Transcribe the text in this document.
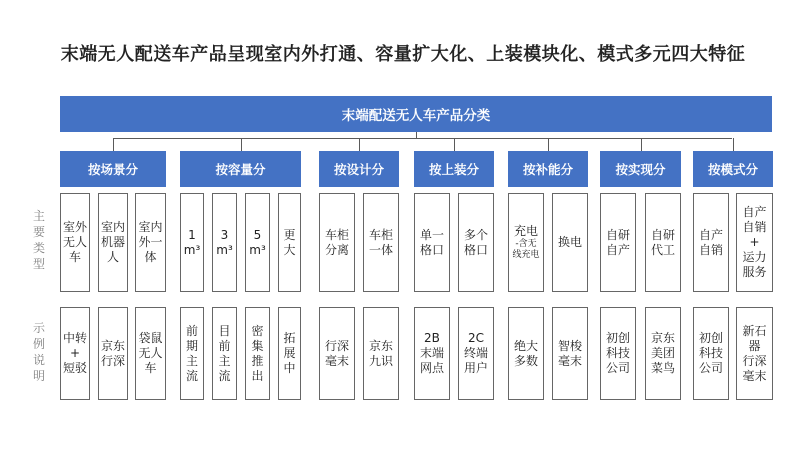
末端无人配送车产品呈现室内外打通、容量扩大化、上装模块化、模式多元四大特征
末端配送无人车产品分类
主要类型
示例说明
按场景分
室外
无人
车
室内
机器
人
室内
外一
体
中转
+
短驳
京东
行深
袋鼠
无人
车
按容量分
1
m³
3
m³
5
m³
更
大
前
期
主
流
目
前
主
流
密
集
推
出
拓
展
中
按设计分
车柜
分离
车柜
一体
行深
毫末
京东
九识
按上装分
单一
格口
多个
格口
2B
末端
网点
2C
终端
用户
按补能分
充电
-含无
线充电
换电
绝大
多数
智梭
毫末
按实现分
自研
自产
自研
代工
初创
科技
公司
京东
美团
菜鸟
按模式分
自产
自销
自产
自销
+
运力
服务
初创
科技
公司
新石
器
行深
毫末
